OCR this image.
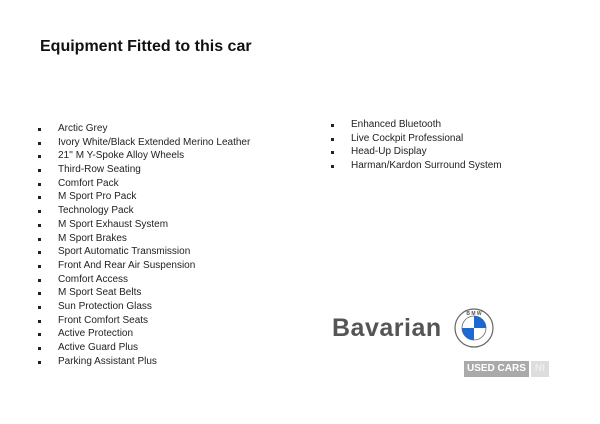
Equipment Fitted to this car
Arctic Grey
Ivory White/Black Extended Merino Leather
21'' M Y-Spoke Alloy Wheels
Third-Row Seating
Comfort Pack
M Sport Pro Pack
Technology Pack
M Sport Exhaust System
M Sport Brakes
Sport Automatic Transmission
Front And Rear Air Suspension
Comfort Access
M Sport Seat Belts
Sun Protection Glass
Front Comfort Seats
Active Protection
Active Guard Plus
Parking Assistant Plus
Enhanced Bluetooth
Live Cockpit Professional
Head-Up Display
Harman/Kardon Surround System
Bavarian	B M W
USED CARS NI
